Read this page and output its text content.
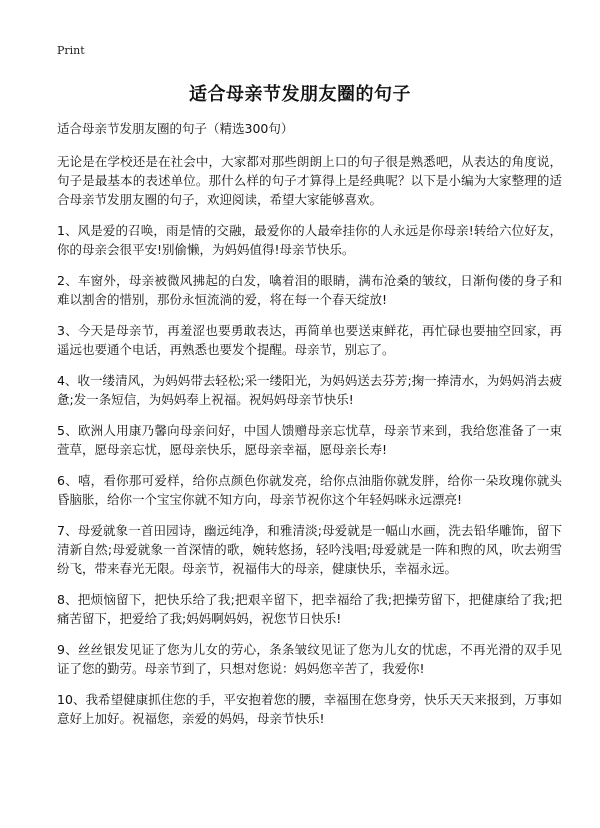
Print
适合母亲节发朋友圈的句子

适合母亲节发朋友圈的句子（精选300句）

无论是在学校还是在社会中，大家都对那些朗朗上口的句子很是熟悉吧，从表达的角度说，句子是最基本的表述单位。那什么样的句子才算得上是经典呢？以下是小编为大家整理的适合母亲节发朋友圈的句子，欢迎阅读，希望大家能够喜欢。

1、风是爱的召唤，雨是情的交融，最爱你的人最牵挂你的人永远是你母亲!转给六位好友，你的母亲会很平安!别偷懒，为妈妈值得!母亲节快乐。

2、车窗外，母亲被微风拂起的白发，噙着泪的眼睛，满布沧桑的皱纹，日渐佝偻的身子和难以割舍的惜别，那份永恒流淌的爱，将在每一个春天绽放!

3、今天是母亲节，再羞涩也要勇敢表达，再简单也要送束鲜花，再忙碌也要抽空回家，再遥远也要通个电话，再熟悉也要发个提醒。母亲节，别忘了。

4、收一缕清风，为妈妈带去轻松;采一缕阳光，为妈妈送去芬芳;掬一捧清水，为妈妈消去疲惫;发一条短信，为妈妈奉上祝福。祝妈妈母亲节快乐!

5、欧洲人用康乃馨向母亲问好，中国人馈赠母亲忘忧草，母亲节来到，我给您准备了一束萱草，愿母亲忘忧，愿母亲快乐，愿母亲幸福，愿母亲长寿!

6、嘻，看你那可爱样，给你点颜色你就发亮，给你点油脂你就发胖，给你一朵玫瑰你就头昏脑胀，给你一个宝宝你就不知方向，母亲节祝你这个年轻妈咪永远漂亮!

7、母爱就象一首田园诗，幽远纯净，和雅清淡;母爱就是一幅山水画，洗去铅华雕饰，留下清新自然;母爱就象一首深情的歌，婉转悠扬，轻吟浅唱;母爱就是一阵和煦的风，吹去朔雪纷飞，带来春光无限。母亲节，祝福伟大的母亲，健康快乐，幸福永远。

8、把烦恼留下，把快乐给了我;把艰辛留下，把幸福给了我;把操劳留下，把健康给了我;把痛苦留下，把爱给了我;妈妈啊妈妈，祝您节日快乐!

9、丝丝银发见证了您为儿女的劳心，条条皱纹见证了您为儿女的忧虑，不再光滑的双手见证了您的勤劳。母亲节到了，只想对您说：妈妈您辛苦了，我爱你!

10、我希望健康抓住您的手，平安抱着您的腰，幸福围在您身旁，快乐天天来报到，万事如意好上加好。祝福您，亲爱的妈妈，母亲节快乐!
